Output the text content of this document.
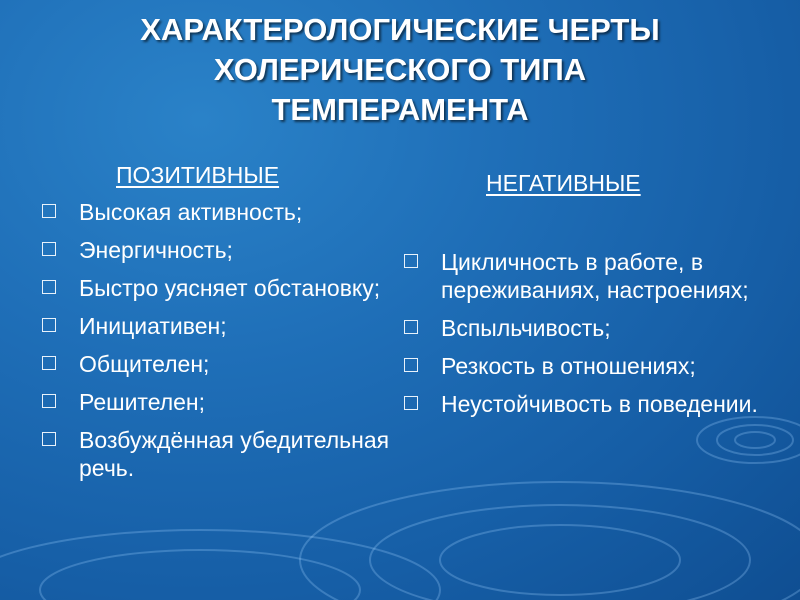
ХАРАКТЕРОЛОГИЧЕСКИЕ ЧЕРТЫ
ХОЛЕРИЧЕСКОГО ТИПА
ТЕМПЕРАМЕНТА
ПОЗИТИВНЫЕ
Высокая активность;
Энергичность;
Быстро уясняет обстановку;
Инициативен;
Общителен;
Решителен;
Возбуждённая убедительная речь.
НЕГАТИВНЫЕ
Цикличность в работе, в переживаниях, настроениях;
Вспыльчивость;
Резкость в отношениях;
Неустойчивость в поведении.
